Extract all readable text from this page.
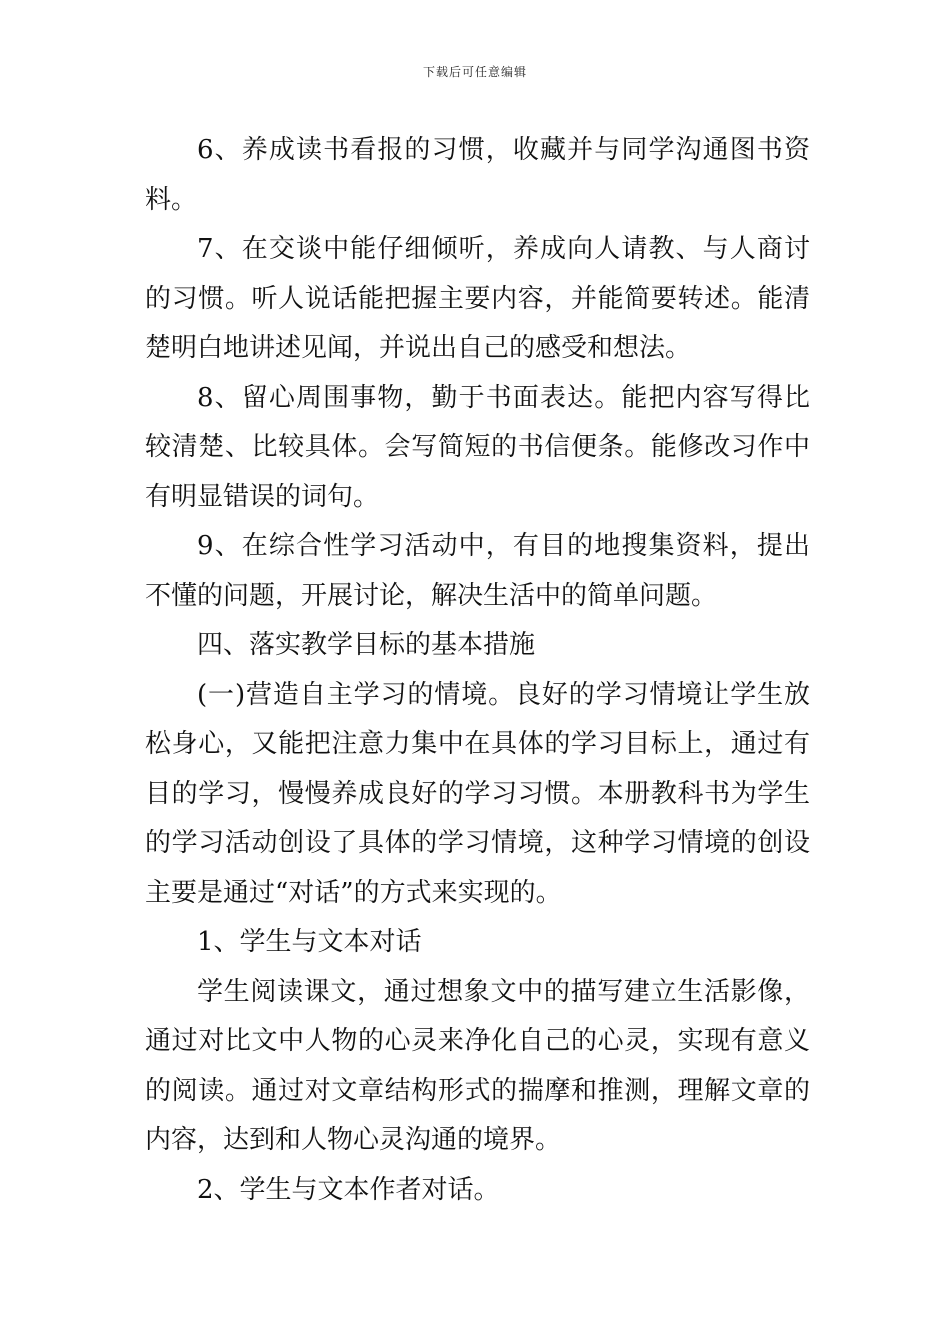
下载后可任意编辑

6、养成读书看报的习惯，收藏并与同学沟通图书资料。

7、在交谈中能仔细倾听，养成向人请教、与人商讨的习惯。听人说话能把握主要内容，并能简要转述。能清楚明白地讲述见闻，并说出自己的感受和想法。

8、留心周围事物，勤于书面表达。能把内容写得比较清楚、比较具体。会写简短的书信便条。能修改习作中有明显错误的词句。

9、在综合性学习活动中，有目的地搜集资料，提出不懂的问题，开展讨论，解决生活中的简单问题。

四、落实教学目标的基本措施

(一)营造自主学习的情境。良好的学习情境让学生放松身心，又能把注意力集中在具体的学习目标上，通过有目的学习，慢慢养成良好的学习习惯。本册教科书为学生的学习活动创设了具体的学习情境，这种学习情境的创设主要是通过“对话”的方式来实现的。

1、学生与文本对话

学生阅读课文，通过想象文中的描写建立生活影像，通过对比文中人物的心灵来净化自己的心灵，实现有意义的阅读。通过对文章结构形式的揣摩和推测，理解文章的内容，达到和人物心灵沟通的境界。

2、学生与文本作者对话。
